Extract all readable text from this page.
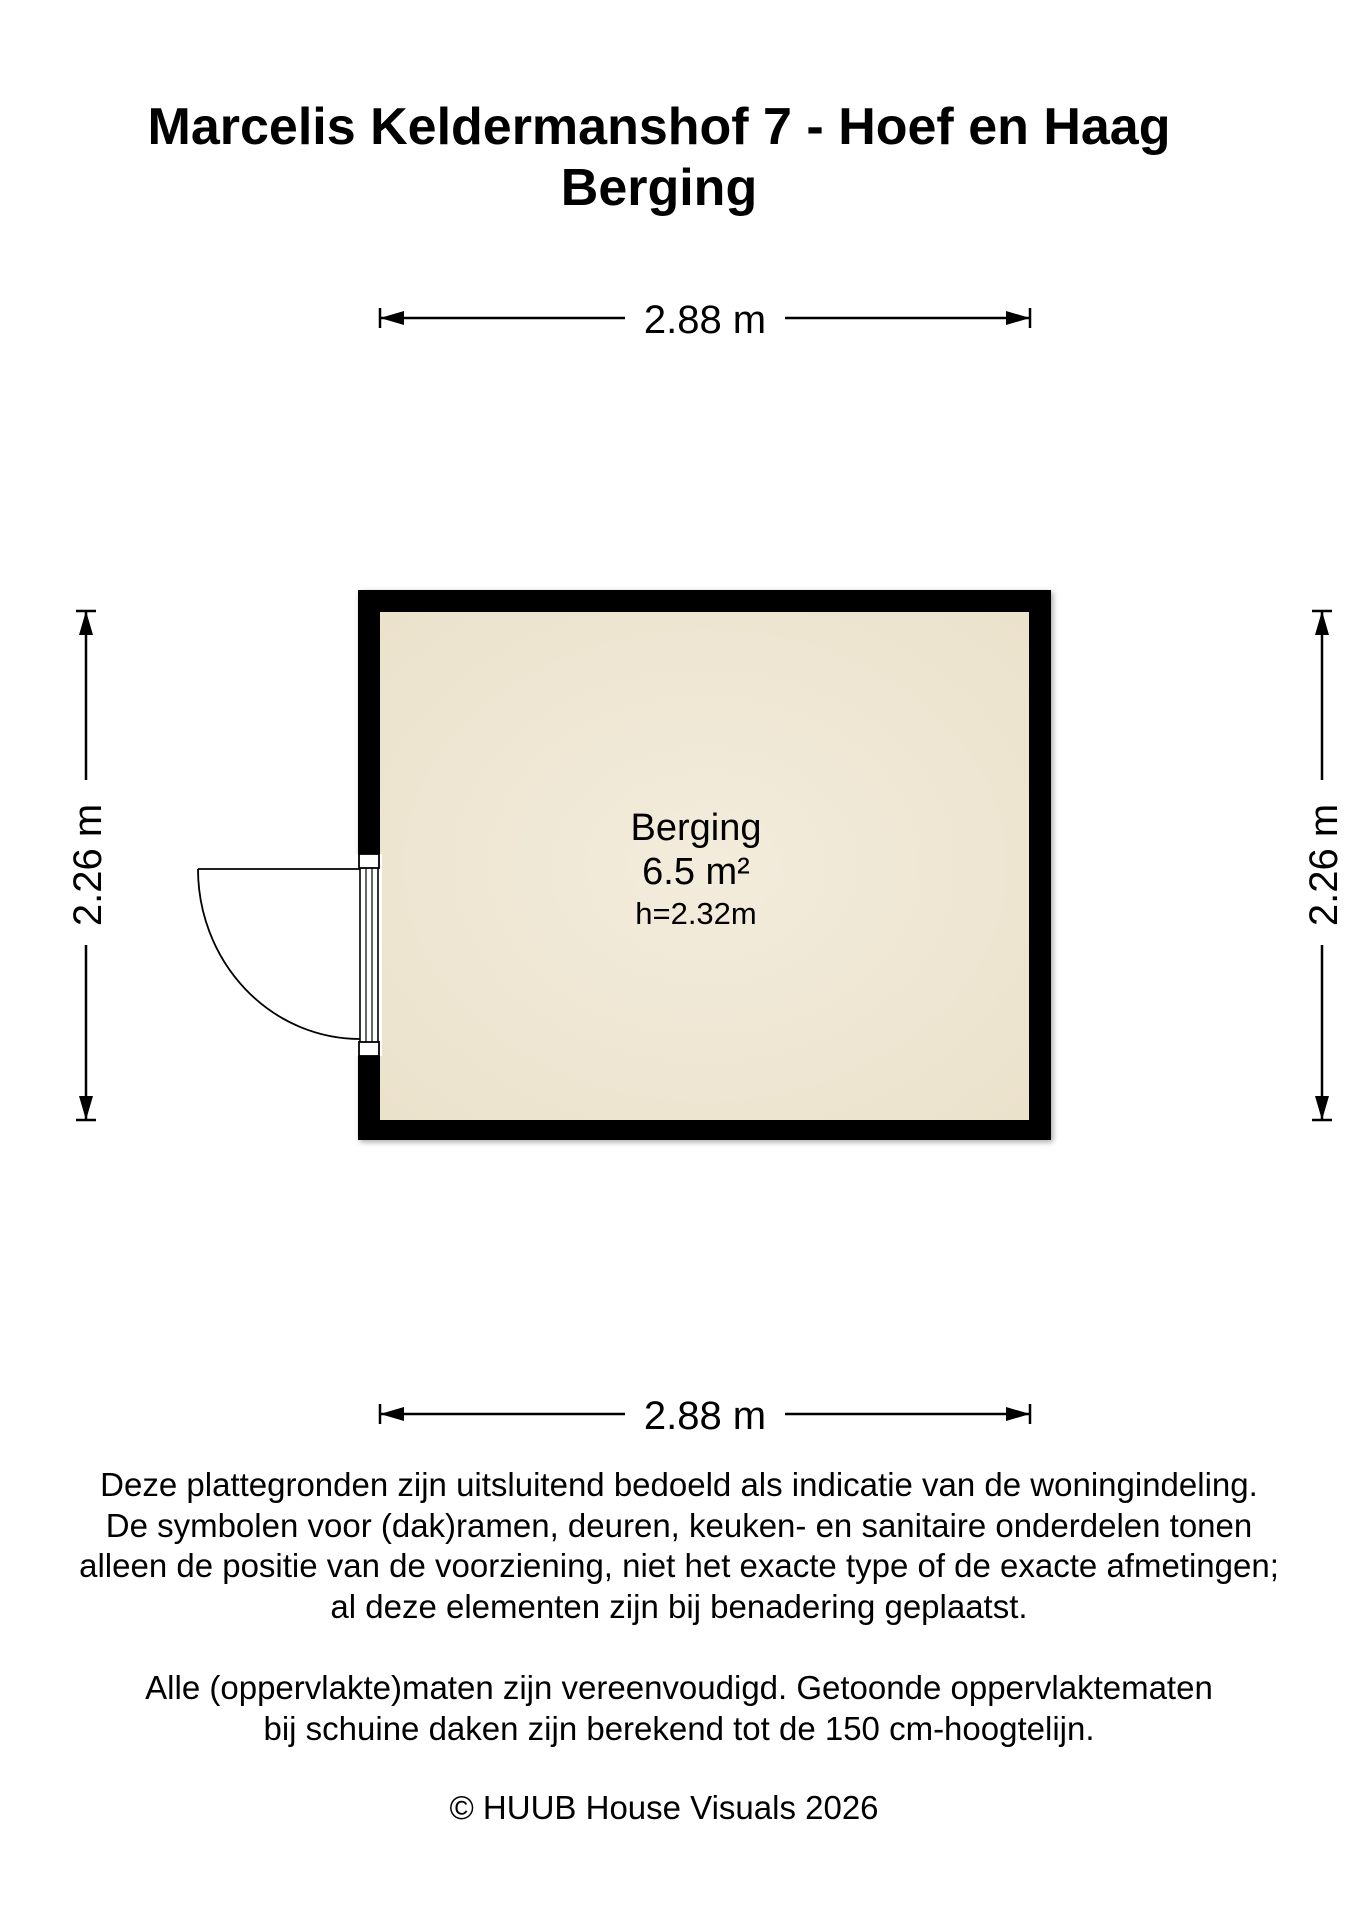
Marcelis Keldermanshof 7 - Hoef en Haag
Berging
2.88 m
2.88 m
2.26 m	2.26 m
Berging
6.5 m²
h=2.32m

Deze plattegronden zijn uitsluitend bedoeld als indicatie van de woningindeling.

De symbolen voor (dak)ramen, deuren, keuken- en sanitaire onderdelen tonen

alleen de positie van de voorziening, niet het exacte type of de exacte afmetingen;

al deze elementen zijn bij benadering geplaatst.

Alle (oppervlakte)maten zijn vereenvoudigd. Getoonde oppervlaktematen

bij schuine daken zijn berekend tot de 150 cm-hoogtelijn.

© HUUB House Visuals 2026
